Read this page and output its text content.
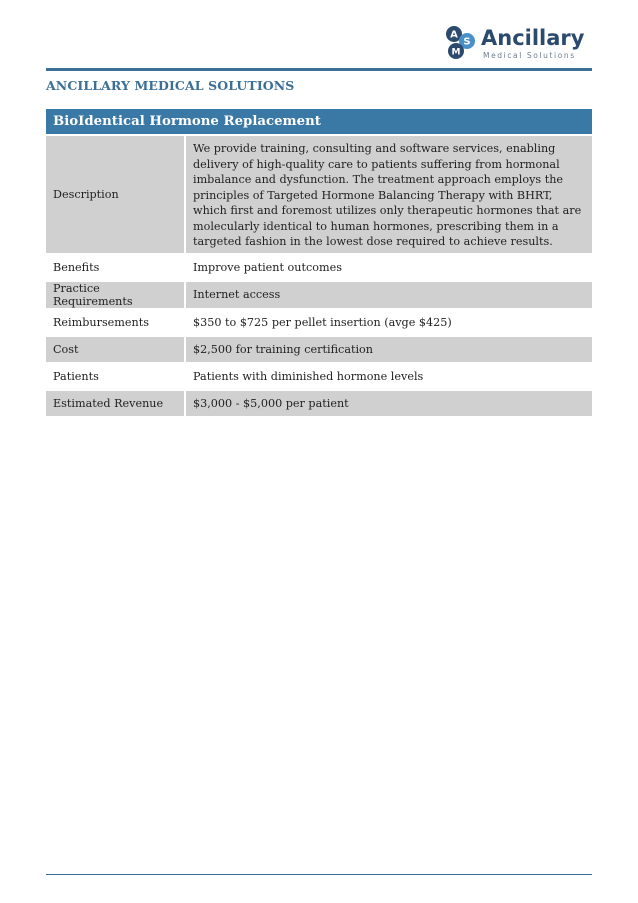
A
S
M
Ancillary
Medical Solutions
ANCILLARY MEDICAL SOLUTIONS
BioIdentical Hormone Replacement	
Description	We provide training, consulting and software services, enabling delivery of high-quality care to patients suffering from hormonal imbalance and dysfunction. The treatment approach employs the principles of Targeted Hormone Balancing Therapy with BHRT, which first and foremost utilizes only therapeutic hormones that are molecularly identical to human hormones, prescribing them in a targeted fashion in the lowest dose required to achieve results.
Benefits	Improve patient outcomes
Practice Requirements	Internet access
Reimbursements	$350 to $725 per pellet insertion (avge $425)
Cost	$2,500 for training certification
Patients	Patients with diminished hormone levels
Estimated Revenue	$3,000 - $5,000 per patient
